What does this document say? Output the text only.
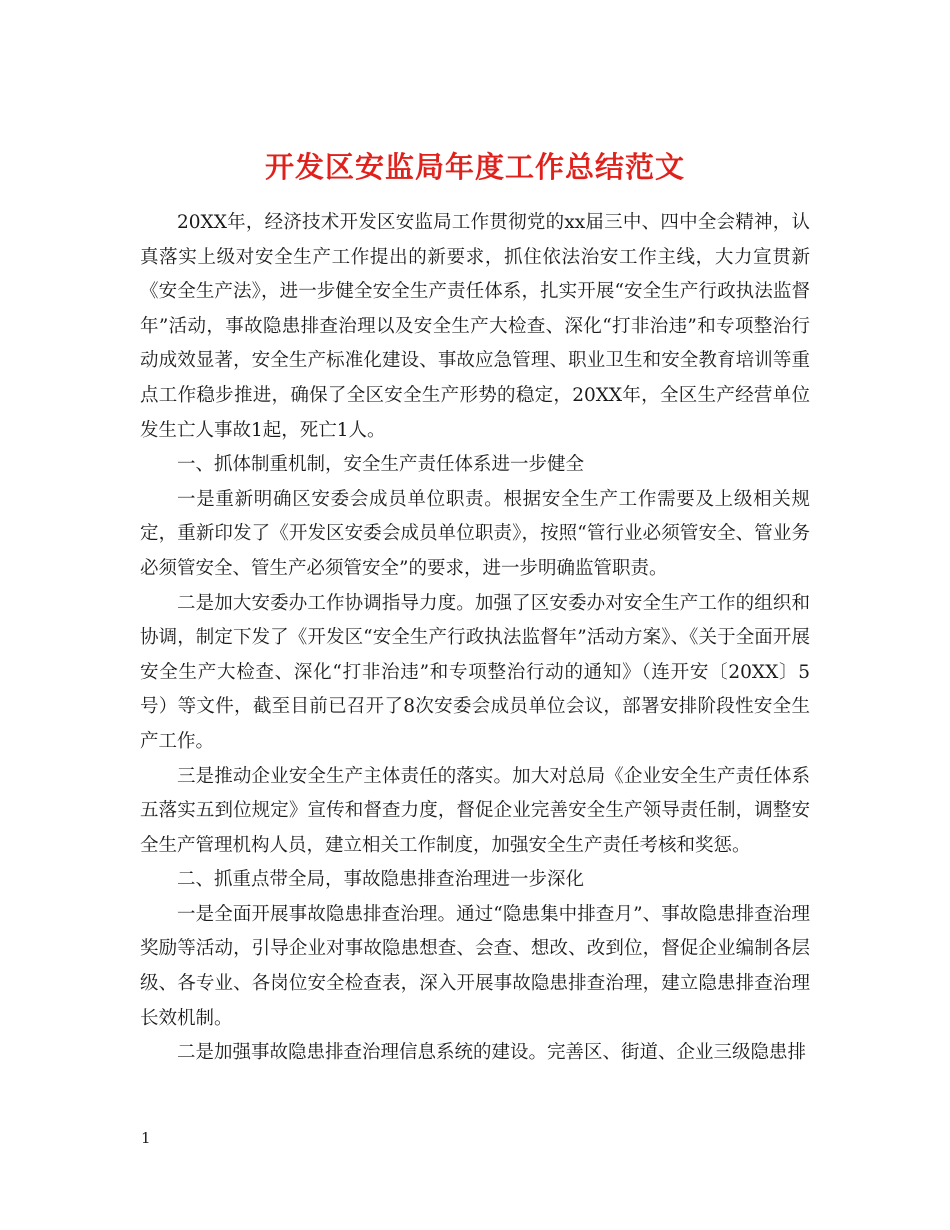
开发区安监局年度工作总结范文

20XX年，经济技术开发区安监局工作贯彻党的xx届三中、四中全会精神，认真落实上级对安全生产工作提出的新要求，抓住依法治安工作主线，大力宣贯新《安全生产法》，进一步健全安全生产责任体系，扎实开展“安全生产行政执法监督年”活动，事故隐患排查治理以及安全生产大检查、深化“打非治违”和专项整治行动成效显著，安全生产标准化建设、事故应急管理、职业卫生和安全教育培训等重点工作稳步推进，确保了全区安全生产形势的稳定，20XX年，全区生产经营单位发生亡人事故1起，死亡1人。

一、抓体制重机制，安全生产责任体系进一步健全

一是重新明确区安委会成员单位职责。根据安全生产工作需要及上级相关规定，重新印发了《开发区安委会成员单位职责》，按照“管行业必须管安全、管业务必须管安全、管生产必须管安全”的要求，进一步明确监管职责。

二是加大安委办工作协调指导力度。加强了区安委办对安全生产工作的组织和协调，制定下发了《开发区“安全生产行政执法监督年”活动方案》、《关于全面开展安全生产大检查、深化“打非治违”和专项整治行动的通知》（连开安〔20XX〕5号）等文件，截至目前已召开了8次安委会成员单位会议，部署安排阶段性安全生产工作。

三是推动企业安全生产主体责任的落实。加大对总局《企业安全生产责任体系五落实五到位规定》宣传和督查力度，督促企业完善安全生产领导责任制，调整安全生产管理机构人员，建立相关工作制度，加强安全生产责任考核和奖惩。

二、抓重点带全局，事故隐患排查治理进一步深化

一是全面开展事故隐患排查治理。通过“隐患集中排查月”、事故隐患排查治理奖励等活动，引导企业对事故隐患想查、会查、想改、改到位，督促企业编制各层级、各专业、各岗位安全检查表，深入开展事故隐患排查治理，建立隐患排查治理长效机制。

二是加强事故隐患排查治理信息系统的建设。完善区、街道、企业三级隐患排

1
